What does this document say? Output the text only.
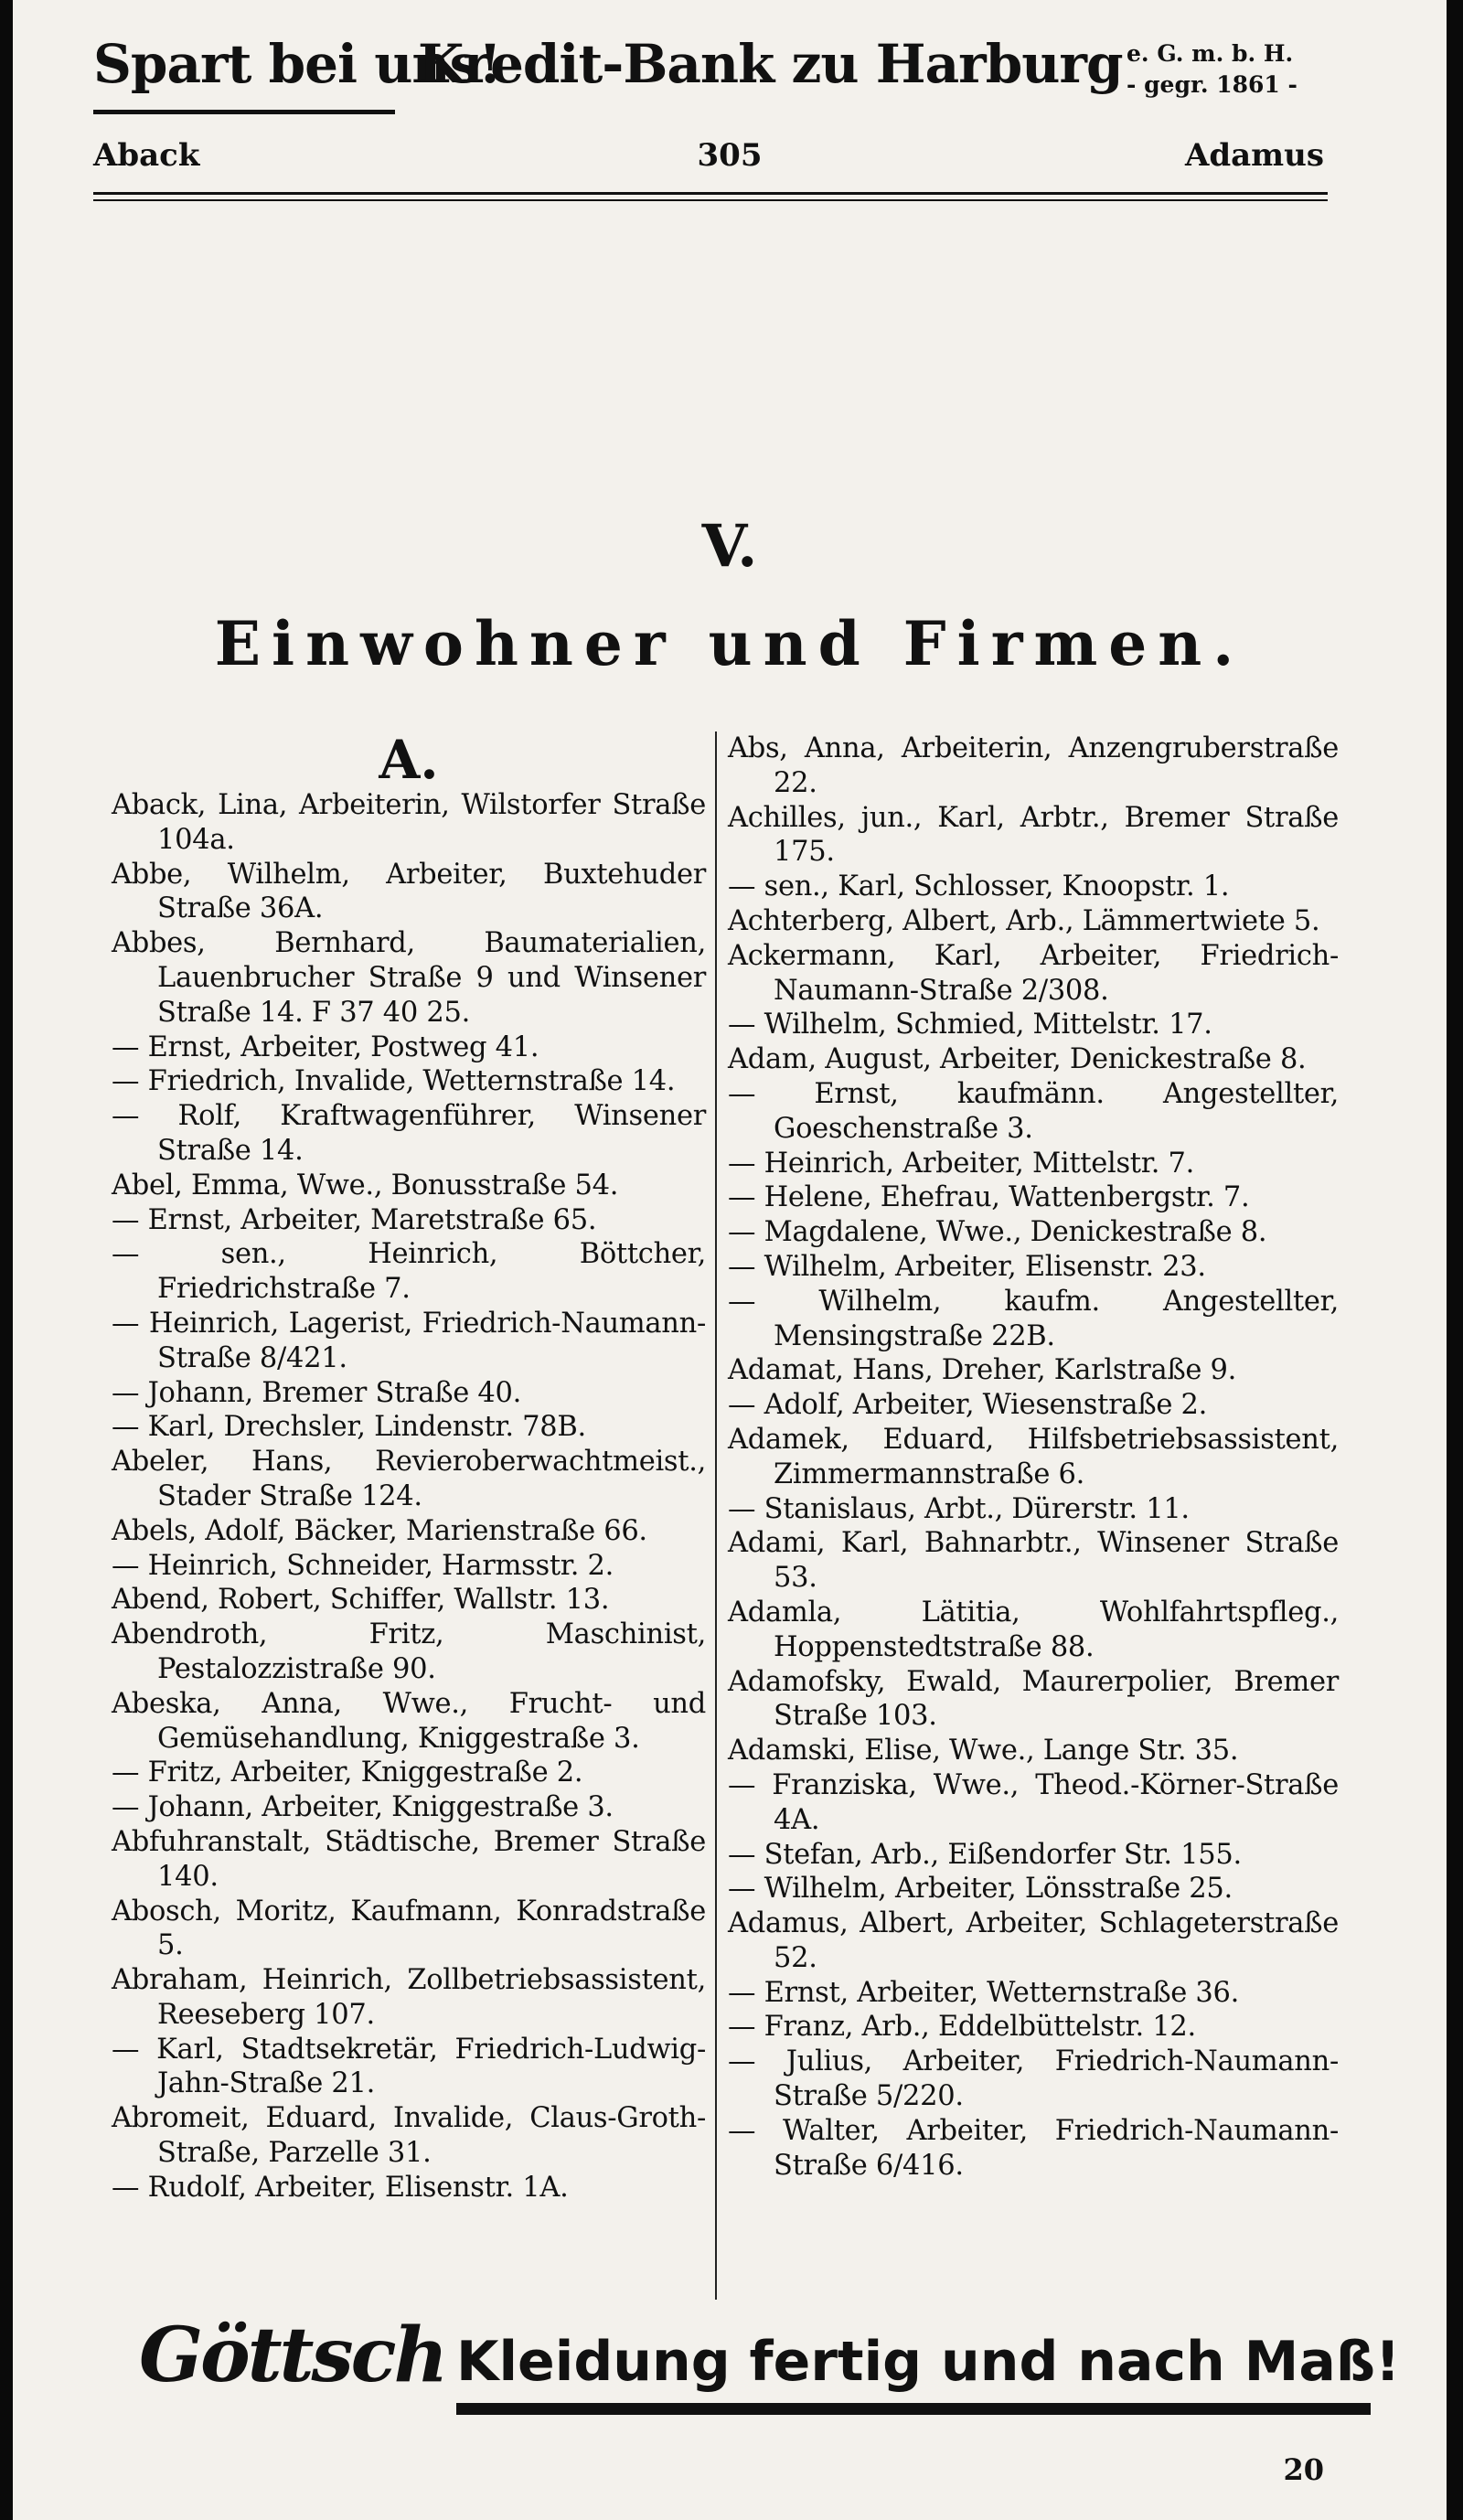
Spart bei uns!
Kredit-Bank zu Harburg e. G. m. b. H.
- gegr. 1861 -
Aback	305	Adamus
V.
Einwohner und Firmen.
A.

Aback, Lina, Arbeiterin, Wilstorfer Straße 104a.

Abbe, Wilhelm, Arbeiter, Buxtehuder Straße 36A.

Abbes, Bernhard, Baumaterialien, Lauenbrucher Straße 9 und Winsener Straße 14. F 37 40 25.

— Ernst, Arbeiter, Postweg 41.

— Friedrich, Invalide, Wetternstraße 14.

— Rolf, Kraftwagenführer, Winsener Straße 14.

Abel, Emma, Wwe., Bonusstraße 54.

— Ernst, Arbeiter, Maretstraße 65.

— sen., Heinrich, Böttcher, Friedrichstraße 7.

— Heinrich, Lagerist, Friedrich-Naumann-Straße 8/421.

— Johann, Bremer Straße 40.

— Karl, Drechsler, Lindenstr. 78B.

Abeler, Hans, Revieroberwachtmeist., Stader Straße 124.

Abels, Adolf, Bäcker, Marienstraße 66.

— Heinrich, Schneider, Harmsstr. 2.

Abend, Robert, Schiffer, Wallstr. 13.

Abendroth, Fritz, Maschinist, Pestalozzistraße 90.

Abeska, Anna, Wwe., Frucht- und Gemüsehandlung, Kniggestraße 3.

— Fritz, Arbeiter, Kniggestraße 2.

— Johann, Arbeiter, Kniggestraße 3.

Abfuhranstalt, Städtische, Bremer Straße 140.

Abosch, Moritz, Kaufmann, Konradstraße 5.

Abraham, Heinrich, Zollbetriebsassistent, Reeseberg 107.

— Karl, Stadtsekretär, Friedrich-Ludwig-Jahn-Straße 21.

Abromeit, Eduard, Invalide, Claus-Groth-Straße, Parzelle 31.

— Rudolf, Arbeiter, Elisenstr. 1A.

Abs, Anna, Arbeiterin, Anzengruberstraße 22.

Achilles, jun., Karl, Arbtr., Bremer Straße 175.

— sen., Karl, Schlosser, Knoopstr. 1.

Achterberg, Albert, Arb., Lämmertwiete 5.

Ackermann, Karl, Arbeiter, Friedrich-Naumann-Straße 2/308.

— Wilhelm, Schmied, Mittelstr. 17.

Adam, August, Arbeiter, Denickestraße 8.

— Ernst, kaufmänn. Angestellter, Goeschenstraße 3.

— Heinrich, Arbeiter, Mittelstr. 7.

— Helene, Ehefrau, Wattenbergstr. 7.

— Magdalene, Wwe., Denickestraße 8.

— Wilhelm, Arbeiter, Elisenstr. 23.

— Wilhelm, kaufm. Angestellter, Mensingstraße 22B.

Adamat, Hans, Dreher, Karlstraße 9.

— Adolf, Arbeiter, Wiesenstraße 2.

Adamek, Eduard, Hilfsbetriebsassistent, Zimmermannstraße 6.

— Stanislaus, Arbt., Dürerstr. 11.

Adami, Karl, Bahnarbtr., Winsener Straße 53.

Adamla, Lätitia, Wohlfahrtspfleg., Hoppenstedtstraße 88.

Adamofsky, Ewald, Maurerpolier, Bremer Straße 103.

Adamski, Elise, Wwe., Lange Str. 35.

— Franziska, Wwe., Theod.-Körner-Straße 4A.

— Stefan, Arb., Eißendorfer Str. 155.

— Wilhelm, Arbeiter, Lönsstraße 25.

Adamus, Albert, Arbeiter, Schlageterstraße 52.

— Ernst, Arbeiter, Wetternstraße 36.

— Franz, Arb., Eddelbüttelstr. 12.

— Julius, Arbeiter, Friedrich-Naumann-Straße 5/220.

— Walter, Arbeiter, Friedrich-Naumann-Straße 6/416.

Göttsch Kleidung fertig und nach Maß!
20
